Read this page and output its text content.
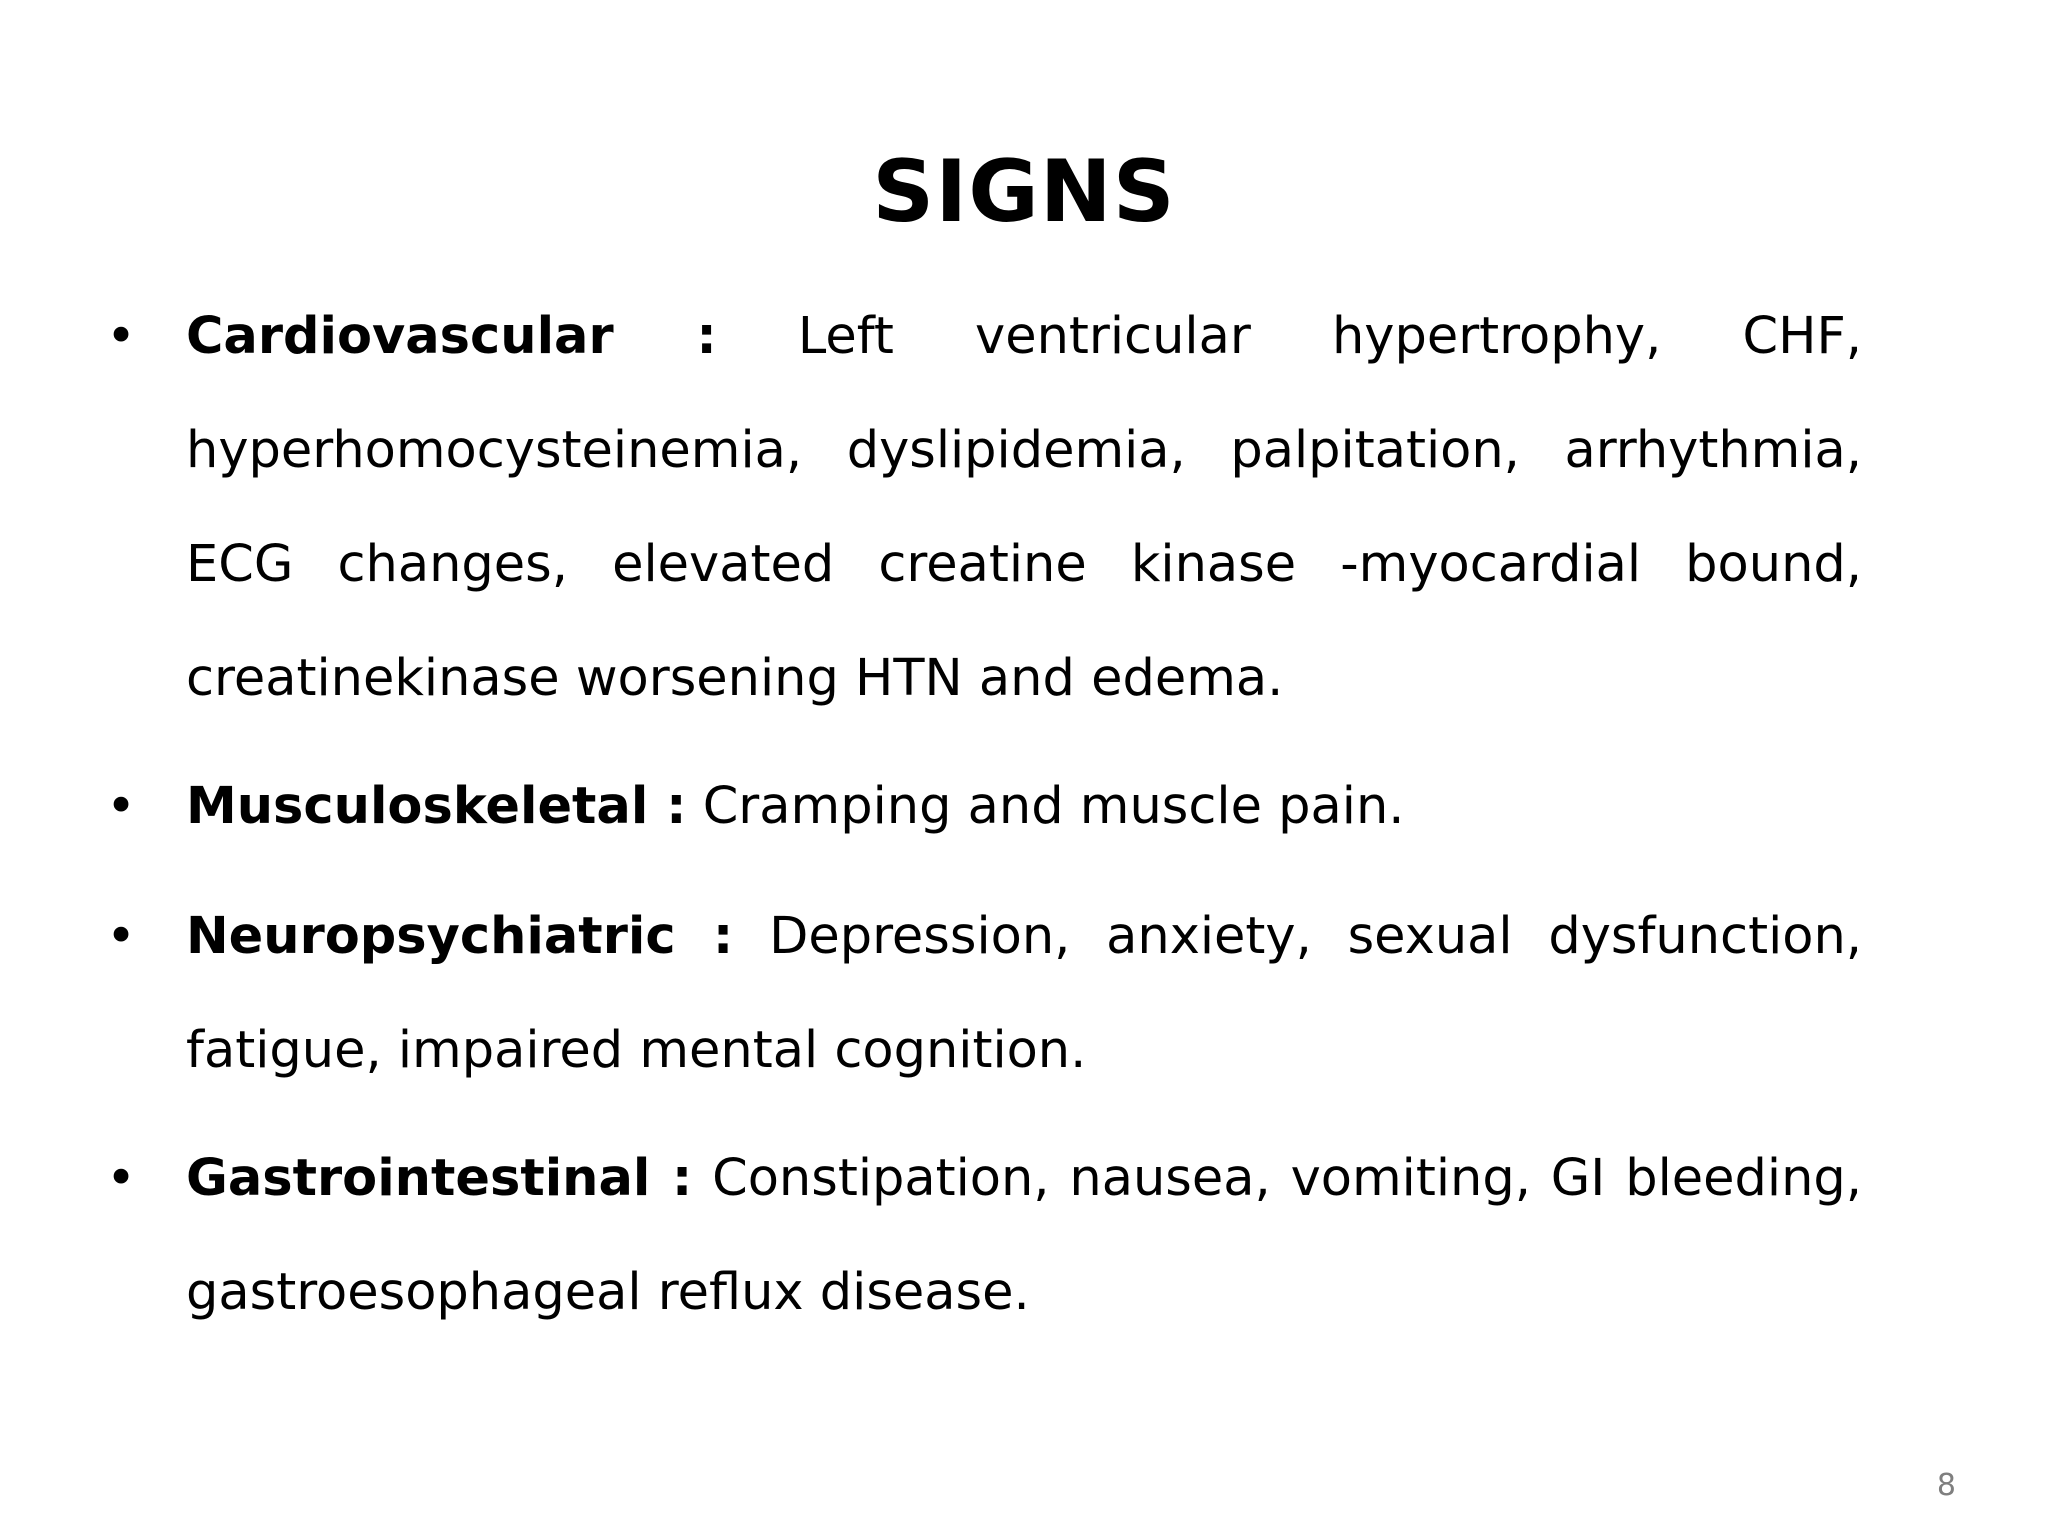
SIGNS
•
Cardiovascular : Left ventricular hypertrophy, CHF, hyperhomocysteinemia, dyslipidemia, palpitation, arrhythmia, ECG changes, elevated creatine kinase -myocardial bound, creatinekinase worsening HTN and edema.
•
Musculoskeletal : Cramping and muscle pain.
•
Neuropsychiatric : Depression, anxiety, sexual dysfunction, fatigue, impaired mental cognition.
•
Gastrointestinal : Constipation, nausea, vomiting, GI bleeding, gastroesophageal reflux disease.
8
